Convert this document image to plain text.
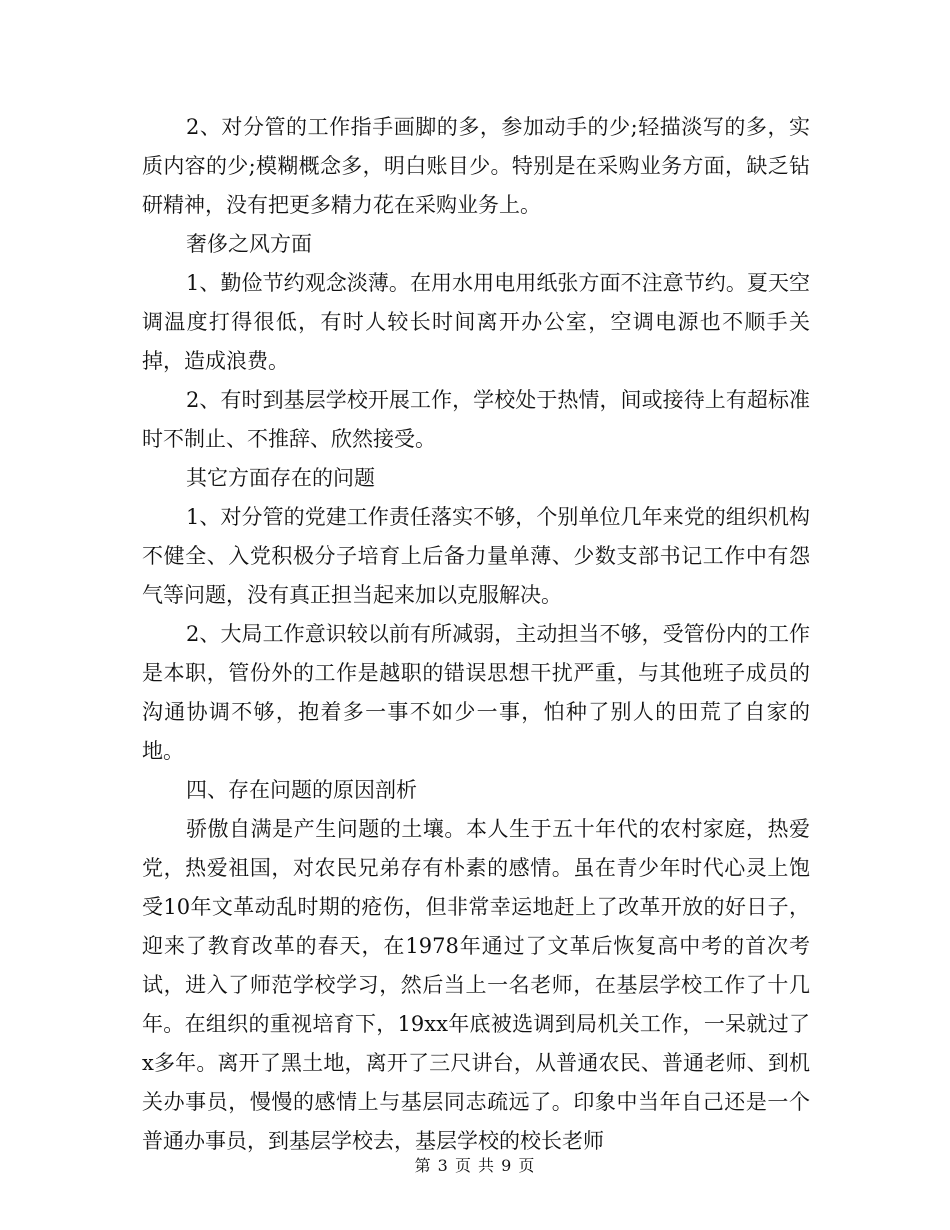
2、对分管的工作指手画脚的多，参加动手的少;轻描淡写的多，实质内容的少;模糊概念多，明白账目少。特别是在采购业务方面，缺乏钻研精神，没有把更多精力花在采购业务上。

奢侈之风方面

1、勤俭节约观念淡薄。在用水用电用纸张方面不注意节约。夏天空调温度打得很低，有时人较长时间离开办公室，空调电源也不顺手关掉，造成浪费。

2、有时到基层学校开展工作，学校处于热情，间或接待上有超标准时不制止、不推辞、欣然接受。

其它方面存在的问题

1、对分管的党建工作责任落实不够，个别单位几年来党的组织机构不健全、入党积极分子培育上后备力量单薄、少数支部书记工作中有怨气等问题，没有真正担当起来加以克服解决。

2、大局工作意识较以前有所减弱，主动担当不够，受管份内的工作是本职，管份外的工作是越职的错误思想干扰严重，与其他班子成员的沟通协调不够，抱着多一事不如少一事，怕种了别人的田荒了自家的地。

四、存在问题的原因剖析

骄傲自满是产生问题的土壤。本人生于五十年代的农村家庭，热爱党，热爱祖国，对农民兄弟存有朴素的感情。虽在青少年时代心灵上饱受10年文革动乱时期的疮伤，但非常幸运地赶上了改革开放的好日子，迎来了教育改革的春天，在1978年通过了文革后恢复高中考的首次考试，进入了师范学校学习，然后当上一名老师，在基层学校工作了十几年。在组织的重视培育下，19xx年底被选调到局机关工作，一呆就过了x多年。离开了黑土地，离开了三尺讲台，从普通农民、普通老师、到机关办事员，慢慢的感情上与基层同志疏远了。印象中当年自己还是一个普通办事员，到基层学校去，基层学校的校长老师

第 3 页 共 9 页
